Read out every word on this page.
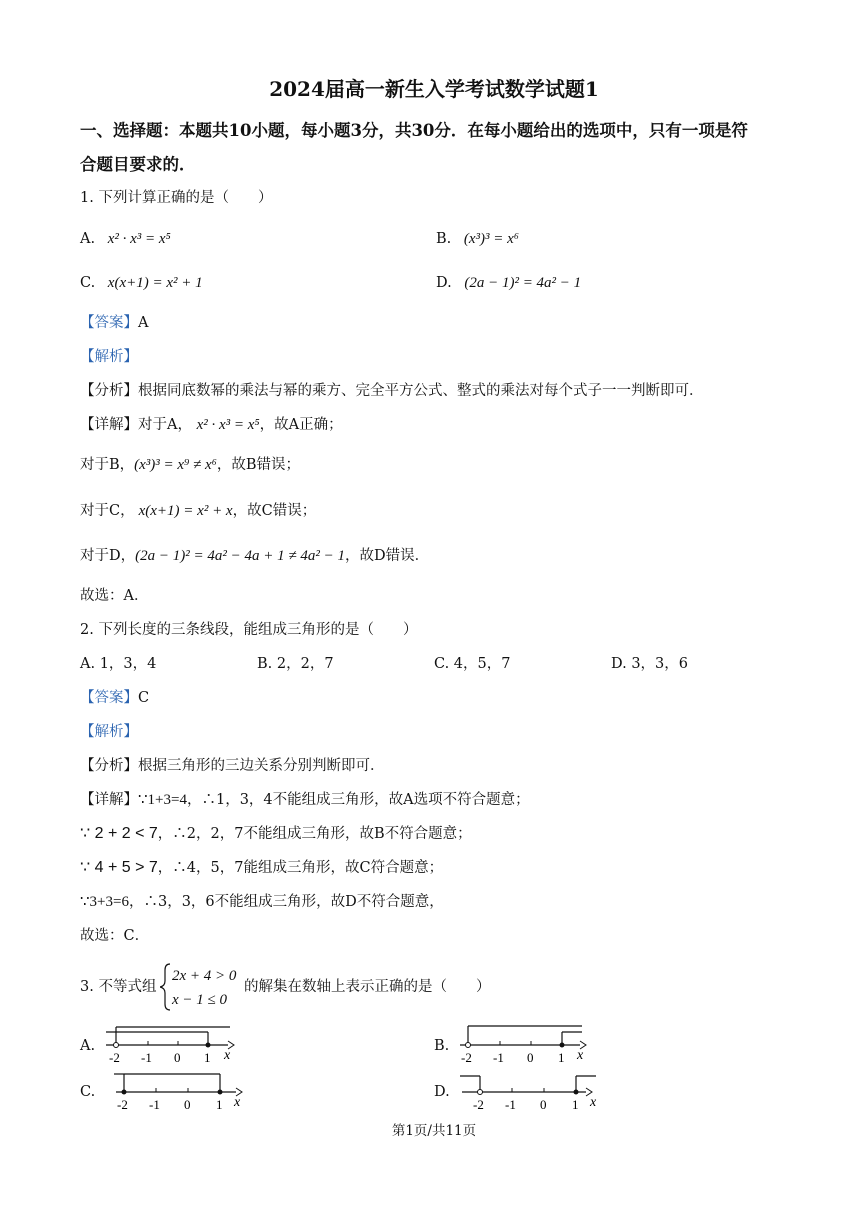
2024届高一新生入学考试数学试题1
一、选择题：本题共10小题，每小题3分，共30分．在每小题给出的选项中，只有一项是符
合题目要求的．
1. 下列计算正确的是（　　）
A. x² · x³ = x⁵	B. (x³)³ = x⁶
C. x(x+1) = x² + 1	D. (2a − 1)² = 4a² − 1
【答案】A
【解析】
【分析】根据同底数幂的乘法与幂的乘方、完全平方公式、整式的乘法对每个式子一一判断即可．
【详解】对于A， x² · x³ = x⁵，故A正确；
对于B，(x³)³ = x⁹ ≠ x⁶，故B错误；
对于C， x(x+1) = x² + x，故C错误；
对于D，(2a − 1)² = 4a² − 4a + 1 ≠ 4a² − 1，故D错误．
故选：A．
2. 下列长度的三条线段，能组成三角形的是（　　）
A. 1，3，4	B. 2，2，7	C. 4，5，7	D. 3，3，6
【答案】C
【解析】
【分析】根据三角形的三边关系分别判断即可．
【详解】∵1+3=4，∴1，3，4不能组成三角形，故A选项不符合题意；
∵ 2 + 2 < 7，∴2，2，7不能组成三角形，故B不符合题意；
∵ 4 + 5 > 7，∴4，5，7能组成三角形，故C符合题意；
∵3+3=6，∴3，3，6不能组成三角形，故D不符合题意，
故选：C．
3. 不等式组
2x + 4 > 0
x − 1 ≤ 0
的解集在数轴上表示正确的是（　　）
A.
-2 -1 0 1 x
B.
-2 -1 0 1 x
C.
-2 -1 0 1 x
D.
-2 -1 0 1 x
第1页/共11页
